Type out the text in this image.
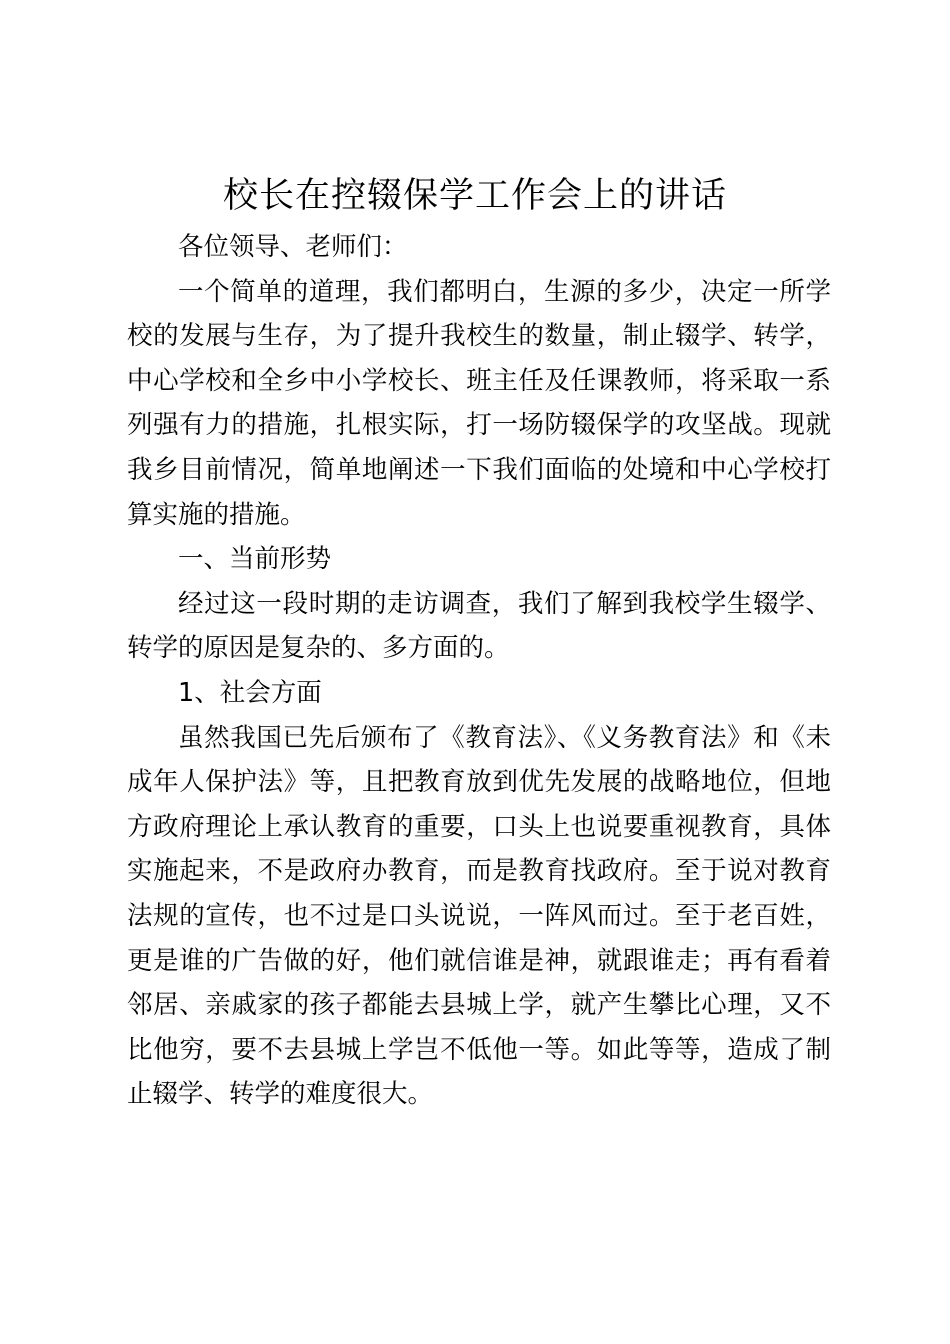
校长在控辍保学工作会上的讲话

各位领导、老师们：

一个简单的道理，我们都明白，生源的多少，决定一所学校的发展与生存，为了提升我校生的数量，制止辍学、转学，中心学校和全乡中小学校长、班主任及任课教师，将采取一系列强有力的措施，扎根实际，打一场防辍保学的攻坚战。现就我乡目前情况，简单地阐述一下我们面临的处境和中心学校打算实施的措施。

一、当前形势

经过这一段时期的走访调查，我们了解到我校学生辍学、转学的原因是复杂的、多方面的。

1、社会方面

虽然我国已先后颁布了《教育法》、《义务教育法》和《未成年人保护法》等，且把教育放到优先发展的战略地位，但地方政府理论上承认教育的重要，口头上也说要重视教育，具体实施起来，不是政府办教育，而是教育找政府。至于说对教育法规的宣传，也不过是口头说说，一阵风而过。至于老百姓，更是谁的广告做的好，他们就信谁是神，就跟谁走；再有看着邻居、亲戚家的孩子都能去县城上学，就产生攀比心理，又不比他穷，要不去县城上学岂不低他一等。如此等等，造成了制止辍学、转学的难度很大。
